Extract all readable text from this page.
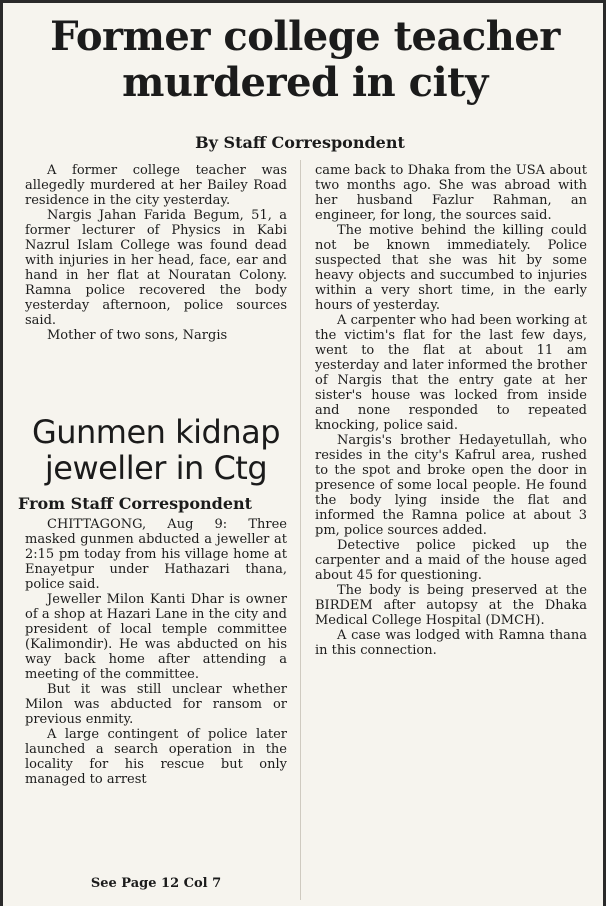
Former college teacher murdered in city
By Staff Correspondent

A former college teacher was allegedly murdered at her Bailey Road residence in the city yesterday.

Nargis Jahan Farida Begum, 51, a former lecturer of Physics in Kabi Nazrul Islam College was found dead with injuries in her head, face, ear and hand in her flat at Nouratan Colony. Ramna police recovered the body yesterday afternoon, police sources said.

Mother of two sons, Nargis

came back to Dhaka from the USA about two months ago. She was abroad with her husband Fazlur Rahman, an engineer, for long, the sources said.

The motive behind the killing could not be known immediately. Police suspected that she was hit by some heavy objects and succumbed to injuries within a very short time, in the early hours of yesterday.

A carpenter who had been working at the victim's flat for the last few days, went to the flat at about 11 am yesterday and later informed the brother of Nargis that the entry gate at her sister's house was locked from inside and none responded to repeated knocking, police said.

Nargis's brother Hedayetullah, who resides in the city's Kafrul area, rushed to the spot and broke open the door in presence of some local people. He found the body lying inside the flat and informed the Ramna police at about 3 pm, police sources added.

Detective police picked up the carpenter and a maid of the house aged about 45 for questioning.

The body is being preserved at the BIRDEM after autopsy at the Dhaka Medical College Hospital (DMCH).

A case was lodged with Ramna thana in this connection.

Gunmen kidnap jeweller in Ctg
From Staff Correspondent

CHITTAGONG, Aug 9: Three masked gunmen abducted a jeweller at 2:15 pm today from his village home at Enayetpur under Hathazari thana, police said.

Jeweller Milon Kanti Dhar is owner of a shop at Hazari Lane in the city and president of local temple committee (Kalimondir). He was abducted on his way back home after attending a meeting of the committee.

But it was still unclear whether Milon was abducted for ransom or previous enmity.

A large contingent of police later launched a search operation in the locality for his rescue but only managed to arrest

See Page 12 Col 7
